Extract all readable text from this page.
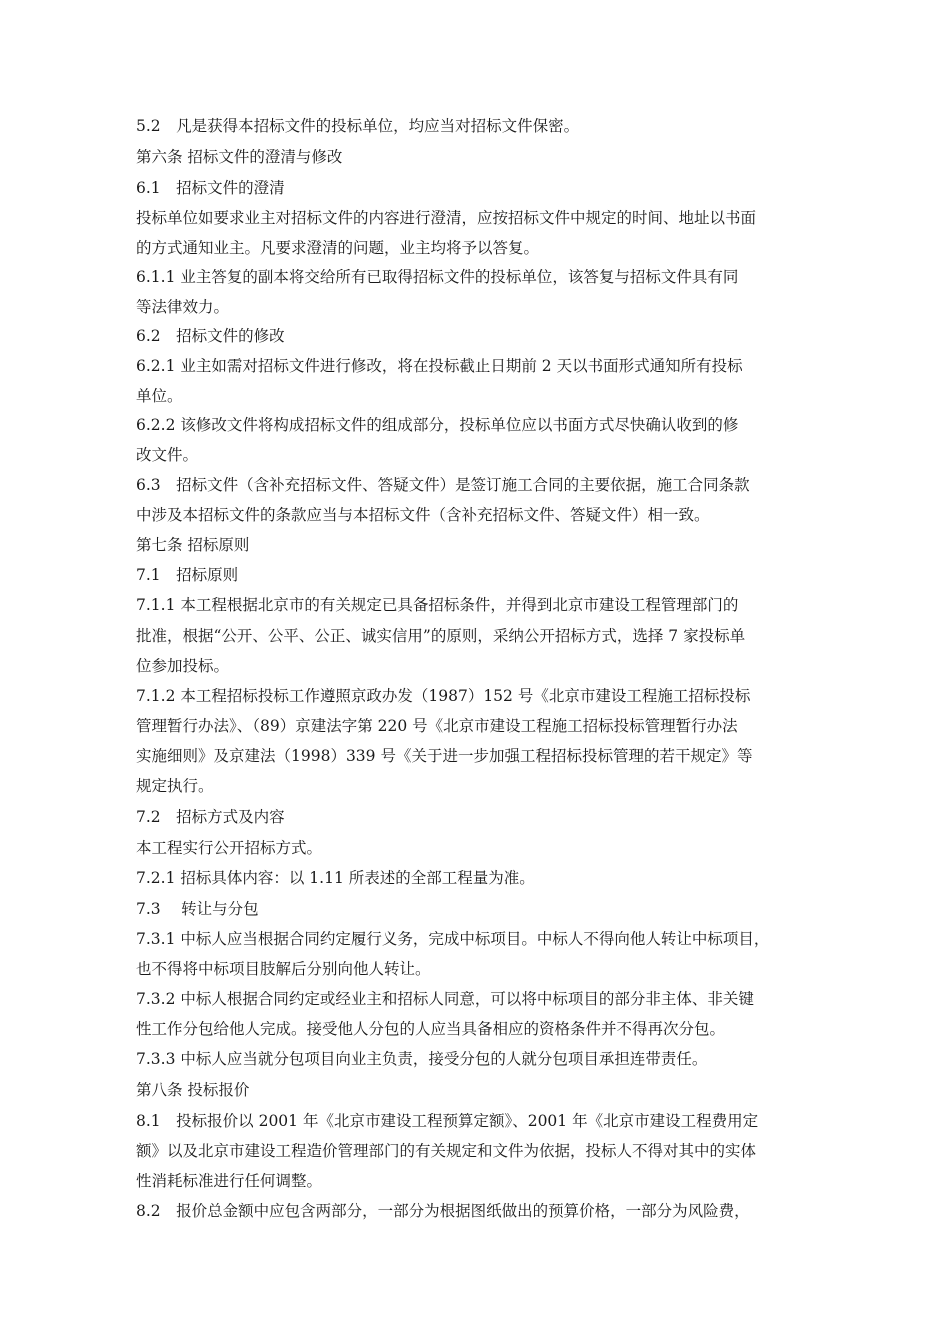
5.2　凡是获得本招标文件的投标单位，均应当对招标文件保密。
第六条 招标文件的澄清与修改
6.1　招标文件的澄清
投标单位如要求业主对招标文件的内容进行澄清，应按招标文件中规定的时间、地址以书面
的方式通知业主。凡要求澄清的问题，业主均将予以答复。
6.1.1 业主答复的副本将交给所有已取得招标文件的投标单位，该答复与招标文件具有同
等法律效力。
6.2　招标文件的修改
6.2.1 业主如需对招标文件进行修改，将在投标截止日期前 2 天以书面形式通知所有投标
单位。
6.2.2 该修改文件将构成招标文件的组成部分，投标单位应以书面方式尽快确认收到的修
改文件。
6.3　招标文件（含补充招标文件、答疑文件）是签订施工合同的主要依据，施工合同条款
中涉及本招标文件的条款应当与本招标文件（含补充招标文件、答疑文件）相一致。
第七条 招标原则
7.1　招标原则
7.1.1 本工程根据北京市的有关规定已具备招标条件，并得到北京市建设工程管理部门的
批准，根据“公开、公平、公正、诚实信用”的原则，采纳公开招标方式，选择 7 家投标单
位参加投标。
7.1.2 本工程招标投标工作遵照京政办发（1987）152 号《北京市建设工程施工招标投标
管理暂行办法》、（89）京建法字第 220 号《北京市建设工程施工招标投标管理暂行办法
实施细则》及京建法（1998）339 号《关于进一步加强工程招标投标管理的若干规定》等
规定执行。
7.2　招标方式及内容
本工程实行公开招标方式。
7.2.1 招标具体内容：以 1.11 所表述的全部工程量为准。
7.3　 转让与分包
7.3.1 中标人应当根据合同约定履行义务，完成中标项目。中标人不得向他人转让中标项目，
也不得将中标项目肢解后分别向他人转让。
7.3.2 中标人根据合同约定或经业主和招标人同意，可以将中标项目的部分非主体、非关键
性工作分包给他人完成。接受他人分包的人应当具备相应的资格条件并不得再次分包。
7.3.3 中标人应当就分包项目向业主负责，接受分包的人就分包项目承担连带责任。
第八条 投标报价
8.1　投标报价以 2001 年《北京市建设工程预算定额》、2001 年《北京市建设工程费用定
额》以及北京市建设工程造价管理部门的有关规定和文件为依据，投标人不得对其中的实体
性消耗标准进行任何调整。
8.2　报价总金额中应包含两部分，一部分为根据图纸做出的预算价格，一部分为风险费，
